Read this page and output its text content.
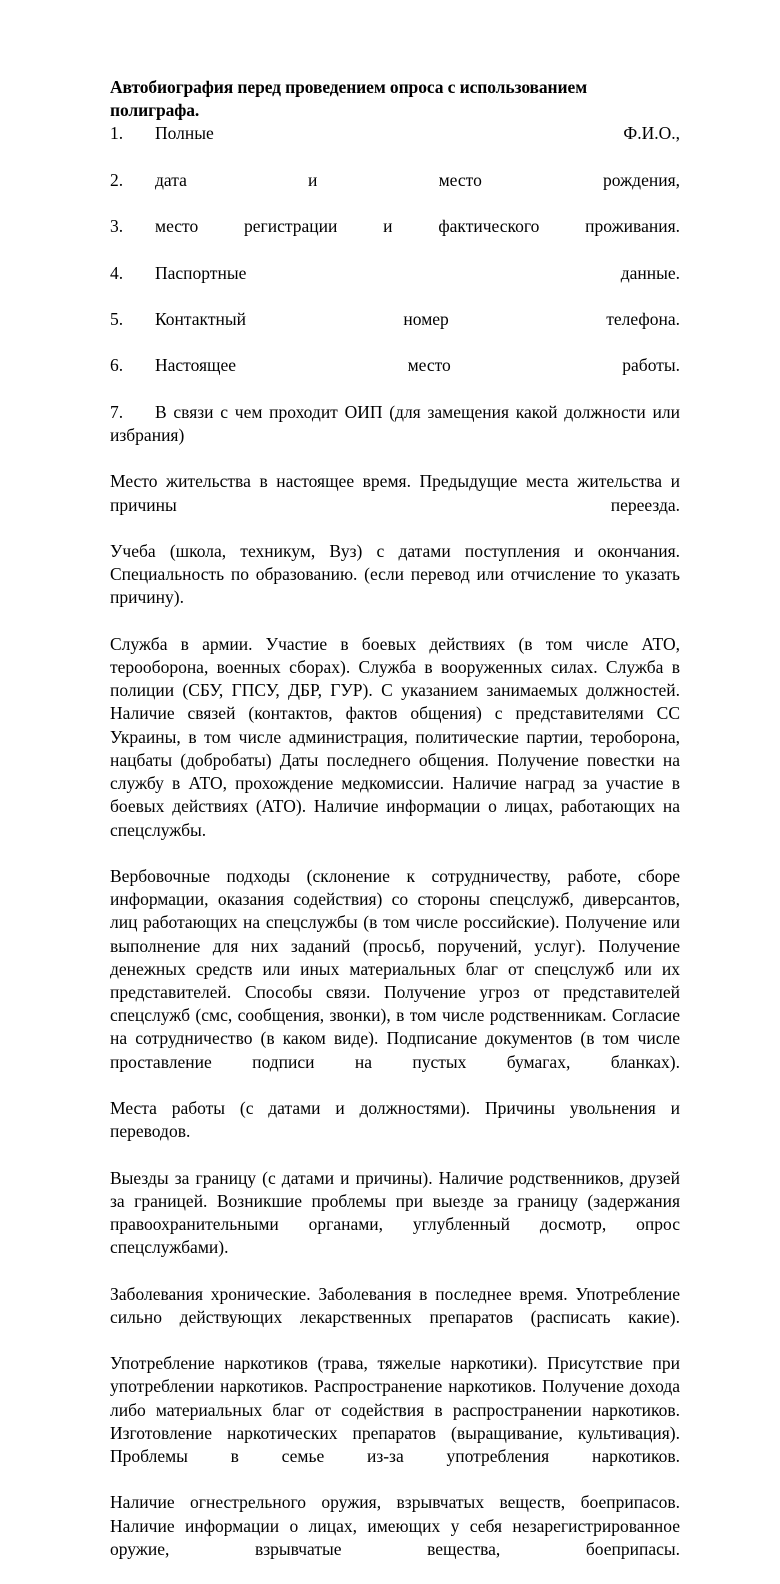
Автобиография перед проведением опроса с использованием полиграфа.

1. Полные Ф.И.О.,
2. дата и место рождения,
3. место регистрации и фактического проживания.
4. Паспортные данные.
5. Контактный номер телефона.
6. Настоящее место работы.
7. В связи с чем проходит ОИП (для замещения какой должности или избрания)

Место жительства в настоящее время. Предыдущие места жительства и причины переезда.

Учеба (школа, техникум, Вуз) с датами поступления и окончания. Специальность по образованию. (если перевод или отчисление то указать причину).

Служба в армии. Участие в боевых действиях (в том числе АТО, терооборона, военных сборах). Служба в вооруженных силах. Служба в полиции (СБУ, ГПСУ, ДБР, ГУР). С указанием занимаемых должностей. Наличие связей (контактов, фактов общения) с представителями СС Украины, в том числе администрация, политические партии, тероборона, нацбаты (добробаты) Даты последнего общения. Получение повестки на службу в АТО, прохождение медкомиссии. Наличие наград за участие в боевых действиях (АТО). Наличие информации о лицах, работающих на спецслужбы.

Вербовочные подходы (склонение к сотрудничеству, работе, сборе информации, оказания содействия) со стороны спецслужб, диверсантов, лиц работающих на спецслужбы (в том числе российские). Получение или выполнение для них заданий (просьб, поручений, услуг). Получение денежных средств или иных материальных благ от спецслужб или их представителей. Способы связи. Получение угроз от представителей спецслужб (смс, сообщения, звонки), в том числе родственникам. Согласие на сотрудничество (в каком виде). Подписание документов (в том числе проставление подписи на пустых бумагах, бланках).

Места работы (с датами и должностями). Причины увольнения и переводов.

Выезды за границу (с датами и причины). Наличие родственников, друзей за границей. Возникшие проблемы при выезде за границу (задержания правоохранительными органами, углубленный досмотр, опрос спецслужбами).

Заболевания хронические. Заболевания в последнее время. Употребление сильно действующих лекарственных препаратов (расписать какие).

Употребление наркотиков (трава, тяжелые наркотики). Присутствие при употреблении наркотиков. Распространение наркотиков. Получение дохода либо материальных благ от содействия в распространении наркотиков. Изготовление наркотических препаратов (выращивание, культивация). Проблемы в семье из-за употребления наркотиков.

Наличие огнестрельного оружия, взрывчатых веществ, боеприпасов. Наличие информации о лицах, имеющих у себя незарегистрированное оружие, взрывчатые вещества, боеприпасы.
